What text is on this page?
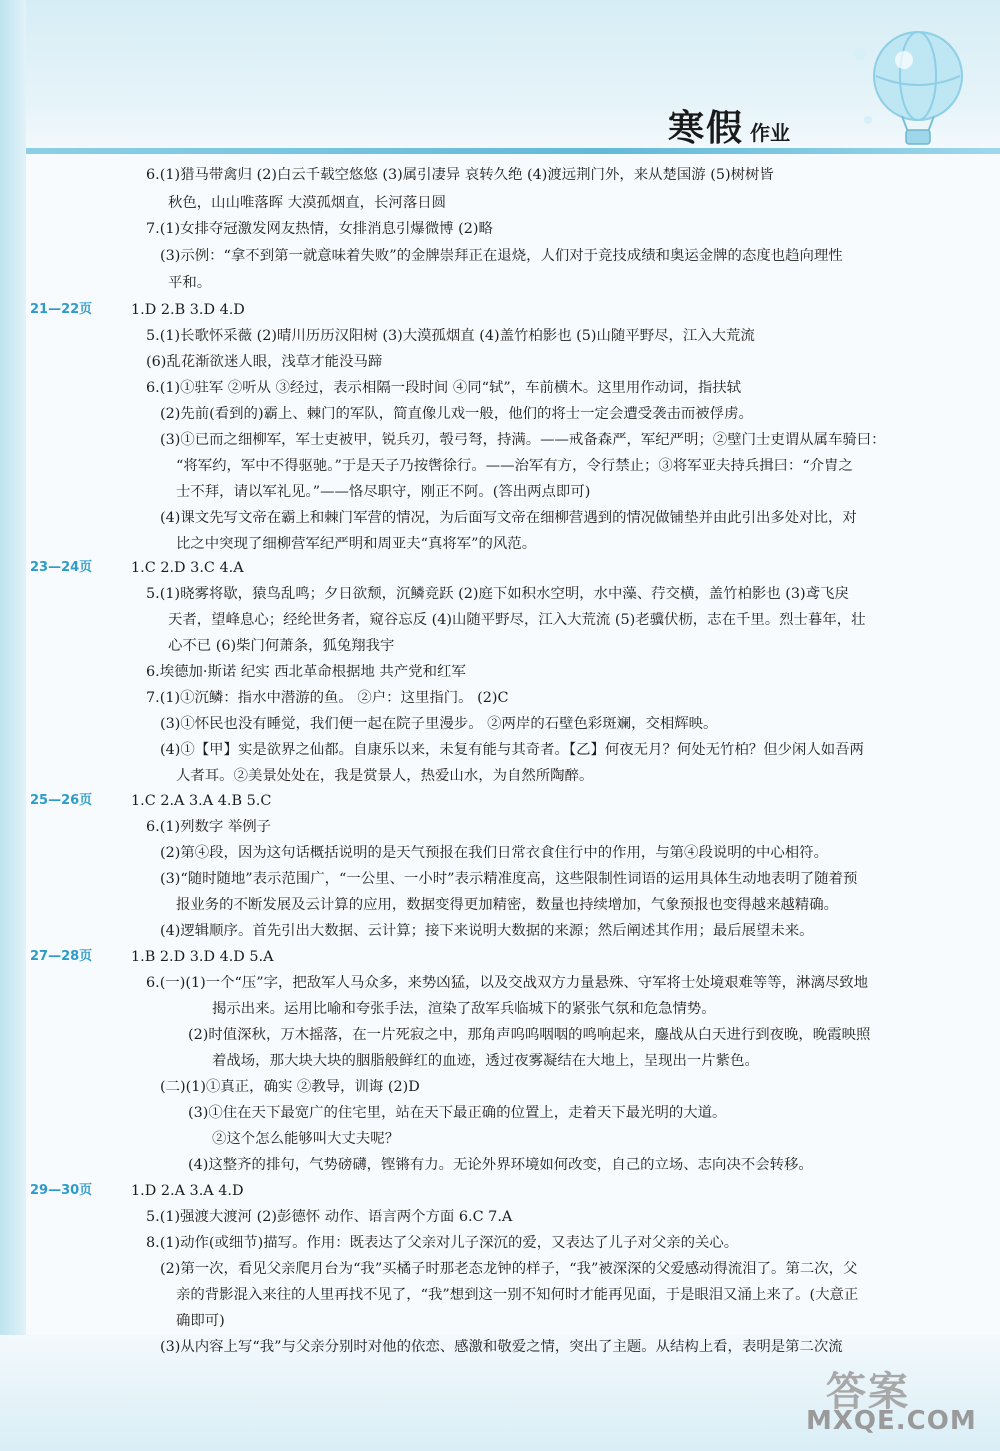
寒假 作业
6.(1)猎马带禽归 (2)白云千载空悠悠 (3)属引凄异 哀转久绝 (4)渡远荆门外，来从楚国游 (5)树树皆
秋色，山山唯落晖 大漠孤烟直，长河落日圆
7.(1)女排夺冠激发网友热情，女排消息引爆微博 (2)略
(3)示例：“拿不到第一就意味着失败”的金牌崇拜正在退烧，人们对于竞技成绩和奥运金牌的态度也趋向理性
平和。
21—22页	1.D 2.B 3.D 4.D
5.(1)长歌怀采薇 (2)晴川历历汉阳树 (3)大漠孤烟直 (4)盖竹柏影也 (5)山随平野尽，江入大荒流
(6)乱花渐欲迷人眼，浅草才能没马蹄
6.(1)①驻军 ②听从 ③经过，表示相隔一段时间 ④同“轼”，车前横木。这里用作动词，指扶轼
(2)先前(看到的)霸上、棘门的军队，简直像儿戏一般，他们的将士一定会遭受袭击而被俘虏。
(3)①已而之细柳军，军士吏被甲，锐兵刃，彀弓弩，持满。——戒备森严，军纪严明；②壁门士吏谓从属车骑曰：
“将军约，军中不得驱驰。”于是天子乃按辔徐行。——治军有方，令行禁止；③将军亚夫持兵揖曰：“介胄之
士不拜，请以军礼见。”——恪尽职守，刚正不阿。(答出两点即可)
(4)课文先写文帝在霸上和棘门军营的情况，为后面写文帝在细柳营遇到的情况做铺垫并由此引出多处对比，对
比之中突现了细柳营军纪严明和周亚夫“真将军”的风范。
23—24页	1.C 2.D 3.C 4.A
5.(1)晓雾将歇，猿鸟乱鸣；夕日欲颓，沉鳞竞跃 (2)庭下如积水空明，水中藻、荇交横，盖竹柏影也 (3)鸢飞戾
天者，望峰息心；经纶世务者，窥谷忘反 (4)山随平野尽，江入大荒流 (5)老骥伏枥，志在千里。烈士暮年，壮
心不已 (6)柴门何萧条，狐兔翔我宇
6.埃德加·斯诺 纪实 西北革命根据地 共产党和红军
7.(1)①沉鳞：指水中潜游的鱼。 ②户：这里指门。 (2)C
(3)①怀民也没有睡觉，我们便一起在院子里漫步。 ②两岸的石壁色彩斑斓，交相辉映。
(4)①【甲】实是欲界之仙都。自康乐以来，未复有能与其奇者。【乙】何夜无月？何处无竹柏？但少闲人如吾两
人者耳。②美景处处在，我是赏景人，热爱山水，为自然所陶醉。
25—26页	1.C 2.A 3.A 4.B 5.C
6.(1)列数字 举例子
(2)第④段，因为这句话概括说明的是天气预报在我们日常衣食住行中的作用，与第④段说明的中心相符。
(3)“随时随地”表示范围广，“一公里、一小时”表示精准度高，这些限制性词语的运用具体生动地表明了随着预
报业务的不断发展及云计算的应用，数据变得更加精密，数量也持续增加，气象预报也变得越来越精确。
(4)逻辑顺序。首先引出大数据、云计算；接下来说明大数据的来源；然后阐述其作用；最后展望未来。
27—28页	1.B 2.D 3.D 4.D 5.A
6.(一)(1)一个“压”字，把敌军人马众多，来势凶猛，以及交战双方力量悬殊、守军将士处境艰难等等，淋漓尽致地
揭示出来。运用比喻和夸张手法，渲染了敌军兵临城下的紧张气氛和危急情势。
(2)时值深秋，万木摇落，在一片死寂之中，那角声呜呜咽咽的鸣响起来，鏖战从白天进行到夜晚，晚霞映照
着战场，那大块大块的胭脂般鲜红的血迹，透过夜雾凝结在大地上，呈现出一片紫色。
(二)(1)①真正，确实 ②教导，训诲 (2)D
(3)①住在天下最宽广的住宅里，站在天下最正确的位置上，走着天下最光明的大道。
②这个怎么能够叫大丈夫呢？
(4)这整齐的排句，气势磅礴，铿锵有力。无论外界环境如何改变，自己的立场、志向决不会转移。
29—30页	1.D 2.A 3.A 4.D
5.(1)强渡大渡河 (2)彭德怀 动作、语言两个方面 6.C 7.A
8.(1)动作(或细节)描写。作用：既表达了父亲对儿子深沉的爱，又表达了儿子对父亲的关心。
(2)第一次，看见父亲爬月台为“我”买橘子时那老态龙钟的样子，“我”被深深的父爱感动得流泪了。第二次，父
亲的背影混入来往的人里再找不见了，“我”想到这一别不知何时才能再见面，于是眼泪又涌上来了。(大意正
确即可)
(3)从内容上写“我”与父亲分别时对他的依恋、感激和敬爱之情，突出了主题。从结构上看，表明是第二次流
答案
MXQE.COM
